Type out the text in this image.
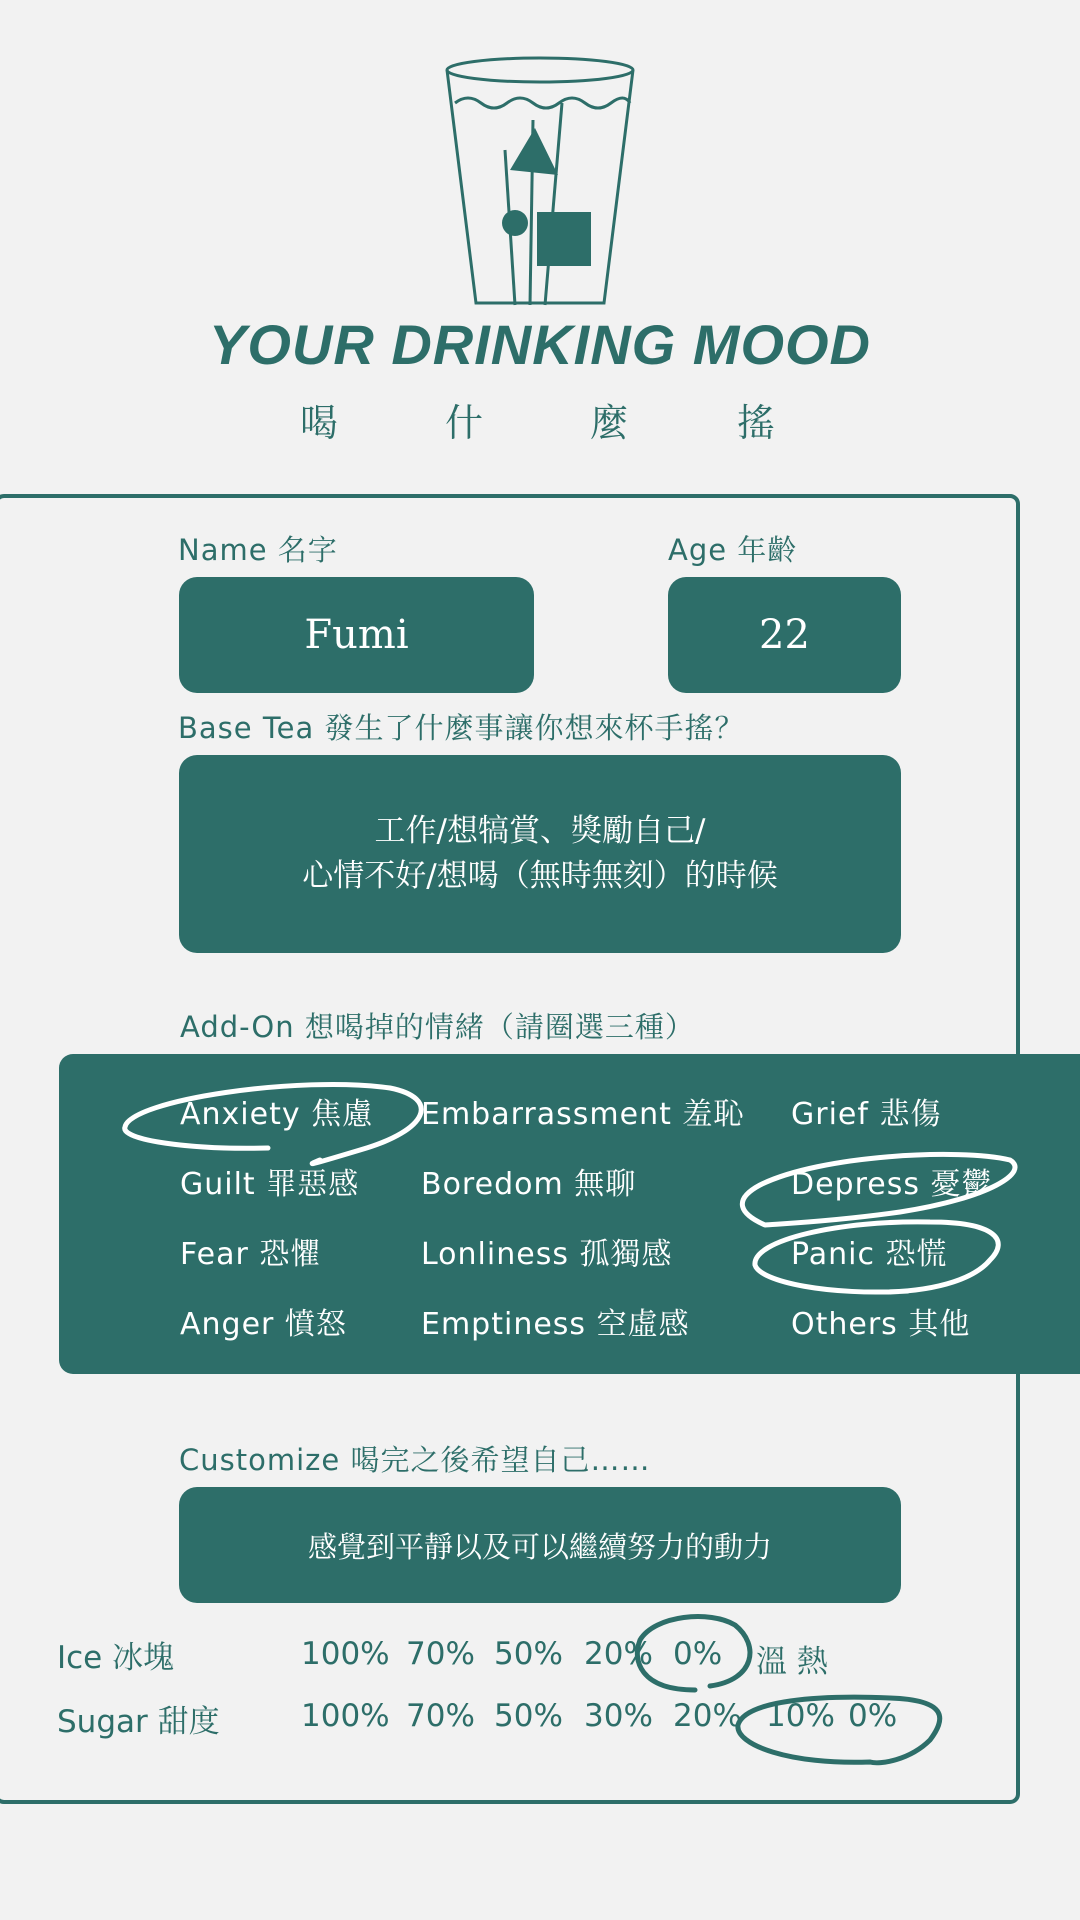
YOUR DRINKING MOOD
喝	什	麼	搖
Name 名字	Age 年齡
Fumi	22
Base Tea 發生了什麼事讓你想來杯手搖？
工作/想犒賞、獎勵自己/
心情不好/想喝（無時無刻）的時候
Add-On 想喝掉的情緒（請圈選三種）
Anxiety 焦慮 Embarrassment 羞恥 Grief 悲傷
Guilt 罪惡感 Boredom 無聊	Depress 憂鬱
Fear 恐懼	Lonliness 孤獨感	Panic 恐慌
Anger 憤怒 Emptiness 空虛感	Others 其他
Customize 喝完之後希望自己……
感覺到平靜以及可以繼續努力的動力
Ice 冰塊	100% 70% 50% 20% 0% 溫 熱
Sugar 甜度	100% 70% 50% 30% 20% 10% 0%
